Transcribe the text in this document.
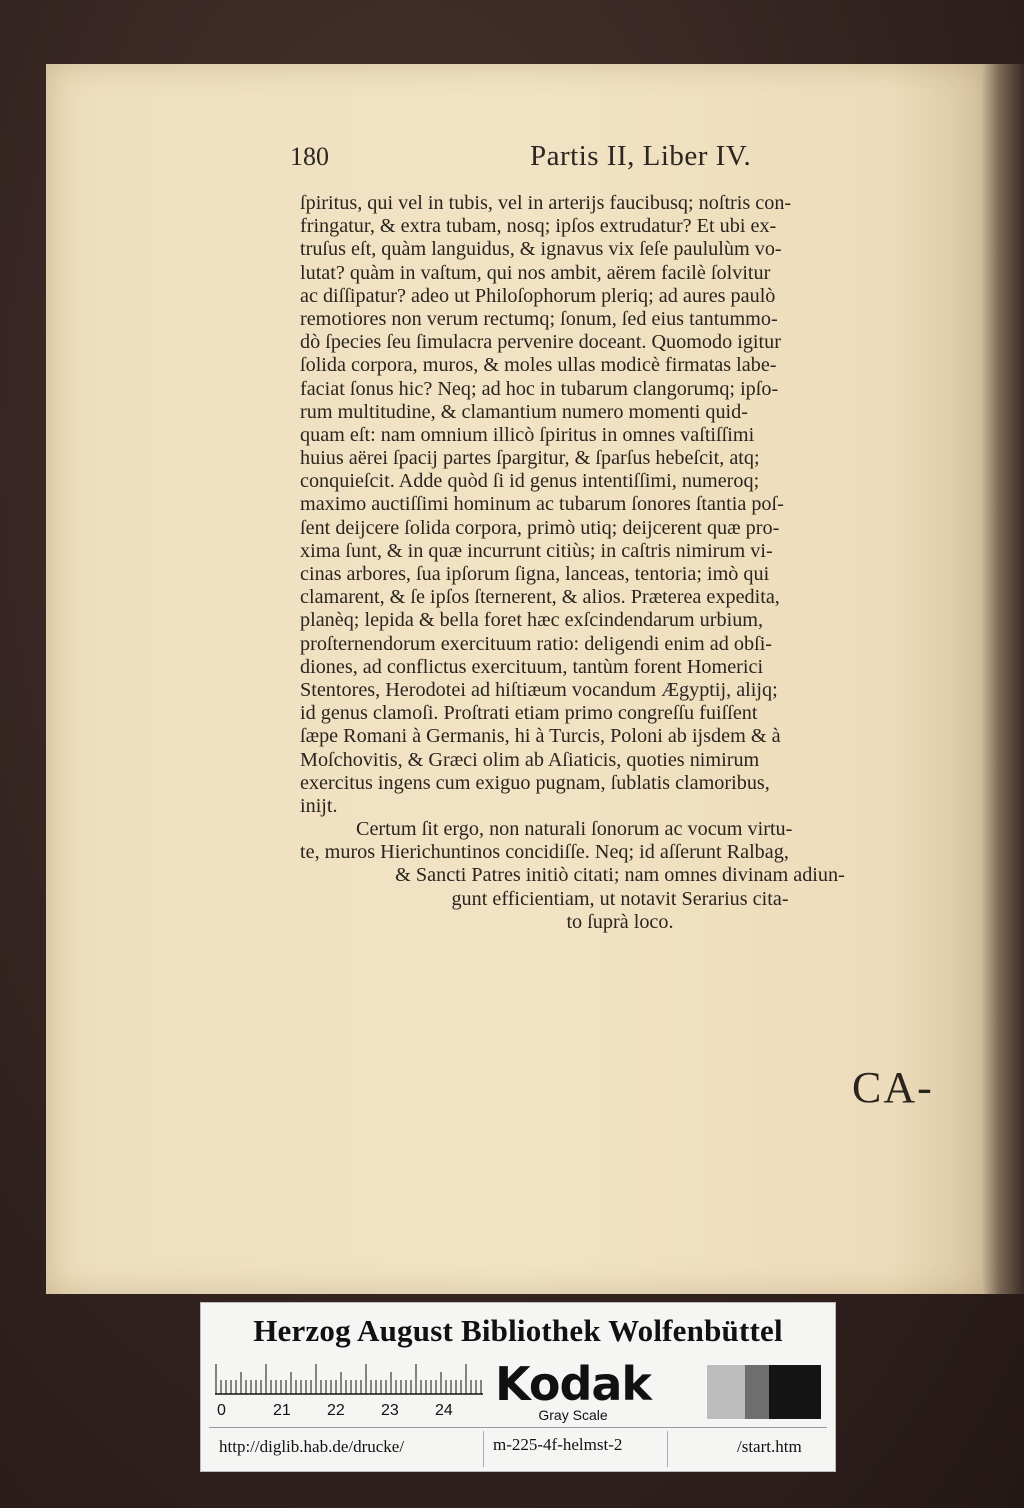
180	Partis II, Liber IV.
ſpiritus, qui vel in tubis, vel in arterijs faucibusq; noſtris con-
fringatur, & extra tubam, nosq; ipſos extrudatur? Et ubi ex-
truſus eſt, quàm languidus, & ignavus vix ſeſe paululùm vo-
lutat? quàm in vaſtum, qui nos ambit, aërem facilè ſolvitur
ac diſſipatur? adeo ut Philoſophorum pleriq; ad aures paulò
remotiores non verum rectumq; ſonum, ſed eius tantummo-
dò ſpecies ſeu ſimulacra pervenire doceant. Quomodo igitur
ſolida corpora, muros, & moles ullas modicè firmatas labe-
faciat ſonus hic? Neq; ad hoc in tubarum clangorumq; ipſo-
rum multitudine, & clamantium numero momenti quid-
quam eſt: nam omnium illicò ſpiritus in omnes vaſtiſſimi
huius aërei ſpacij partes ſpargitur, & ſparſus hebeſcit, atq;
conquieſcit. Adde quòd ſi id genus intentiſſimi, numeroq;
maximo auctiſſimi hominum ac tubarum ſonores ſtantia poſ-
ſent deijcere ſolida corpora, primò utiq; deijcerent quæ pro-
xima ſunt, & in quæ incurrunt citiùs; in caſtris nimirum vi-
cinas arbores, ſua ipſorum ſigna, lanceas, tentoria; imò qui
clamarent, & ſe ipſos ſternerent, & alios. Præterea expedita,
planèq; lepida & bella foret hæc exſcindendarum urbium,
proſternendorum exercituum ratio: deligendi enim ad obſi-
diones, ad conflictus exercituum, tantùm forent Homerici
Stentores, Herodotei ad hiſtiæum vocandum Ægyptij, alijq;
id genus clamoſi. Proſtrati etiam primo congreſſu fuiſſent
ſæpe Romani à Germanis, hi à Turcis, Poloni ab ijsdem & à
Moſchovitis, & Græci olim ab Aſiaticis, quoties nimirum
exercitus ingens cum exiguo pugnam, ſublatis clamoribus,
inijt.
Certum ſit ergo, non naturali ſonorum ac vocum virtu-
te, muros Hierichuntinos concidiſſe. Neq; id aſſerunt Ralbag,
& Sancti Patres initiò citati; nam omnes divinam adiun-
gunt efficientiam, ut notavit Serarius cita-
to ſuprà loco.
CA-
Herzog August Bibliothek Wolfenbüttel
0	21 22 23 24 Kodak
Gray Scale
http://diglib.hab.de/drucke/	m-225-4f-helmst-2	/start.htm
